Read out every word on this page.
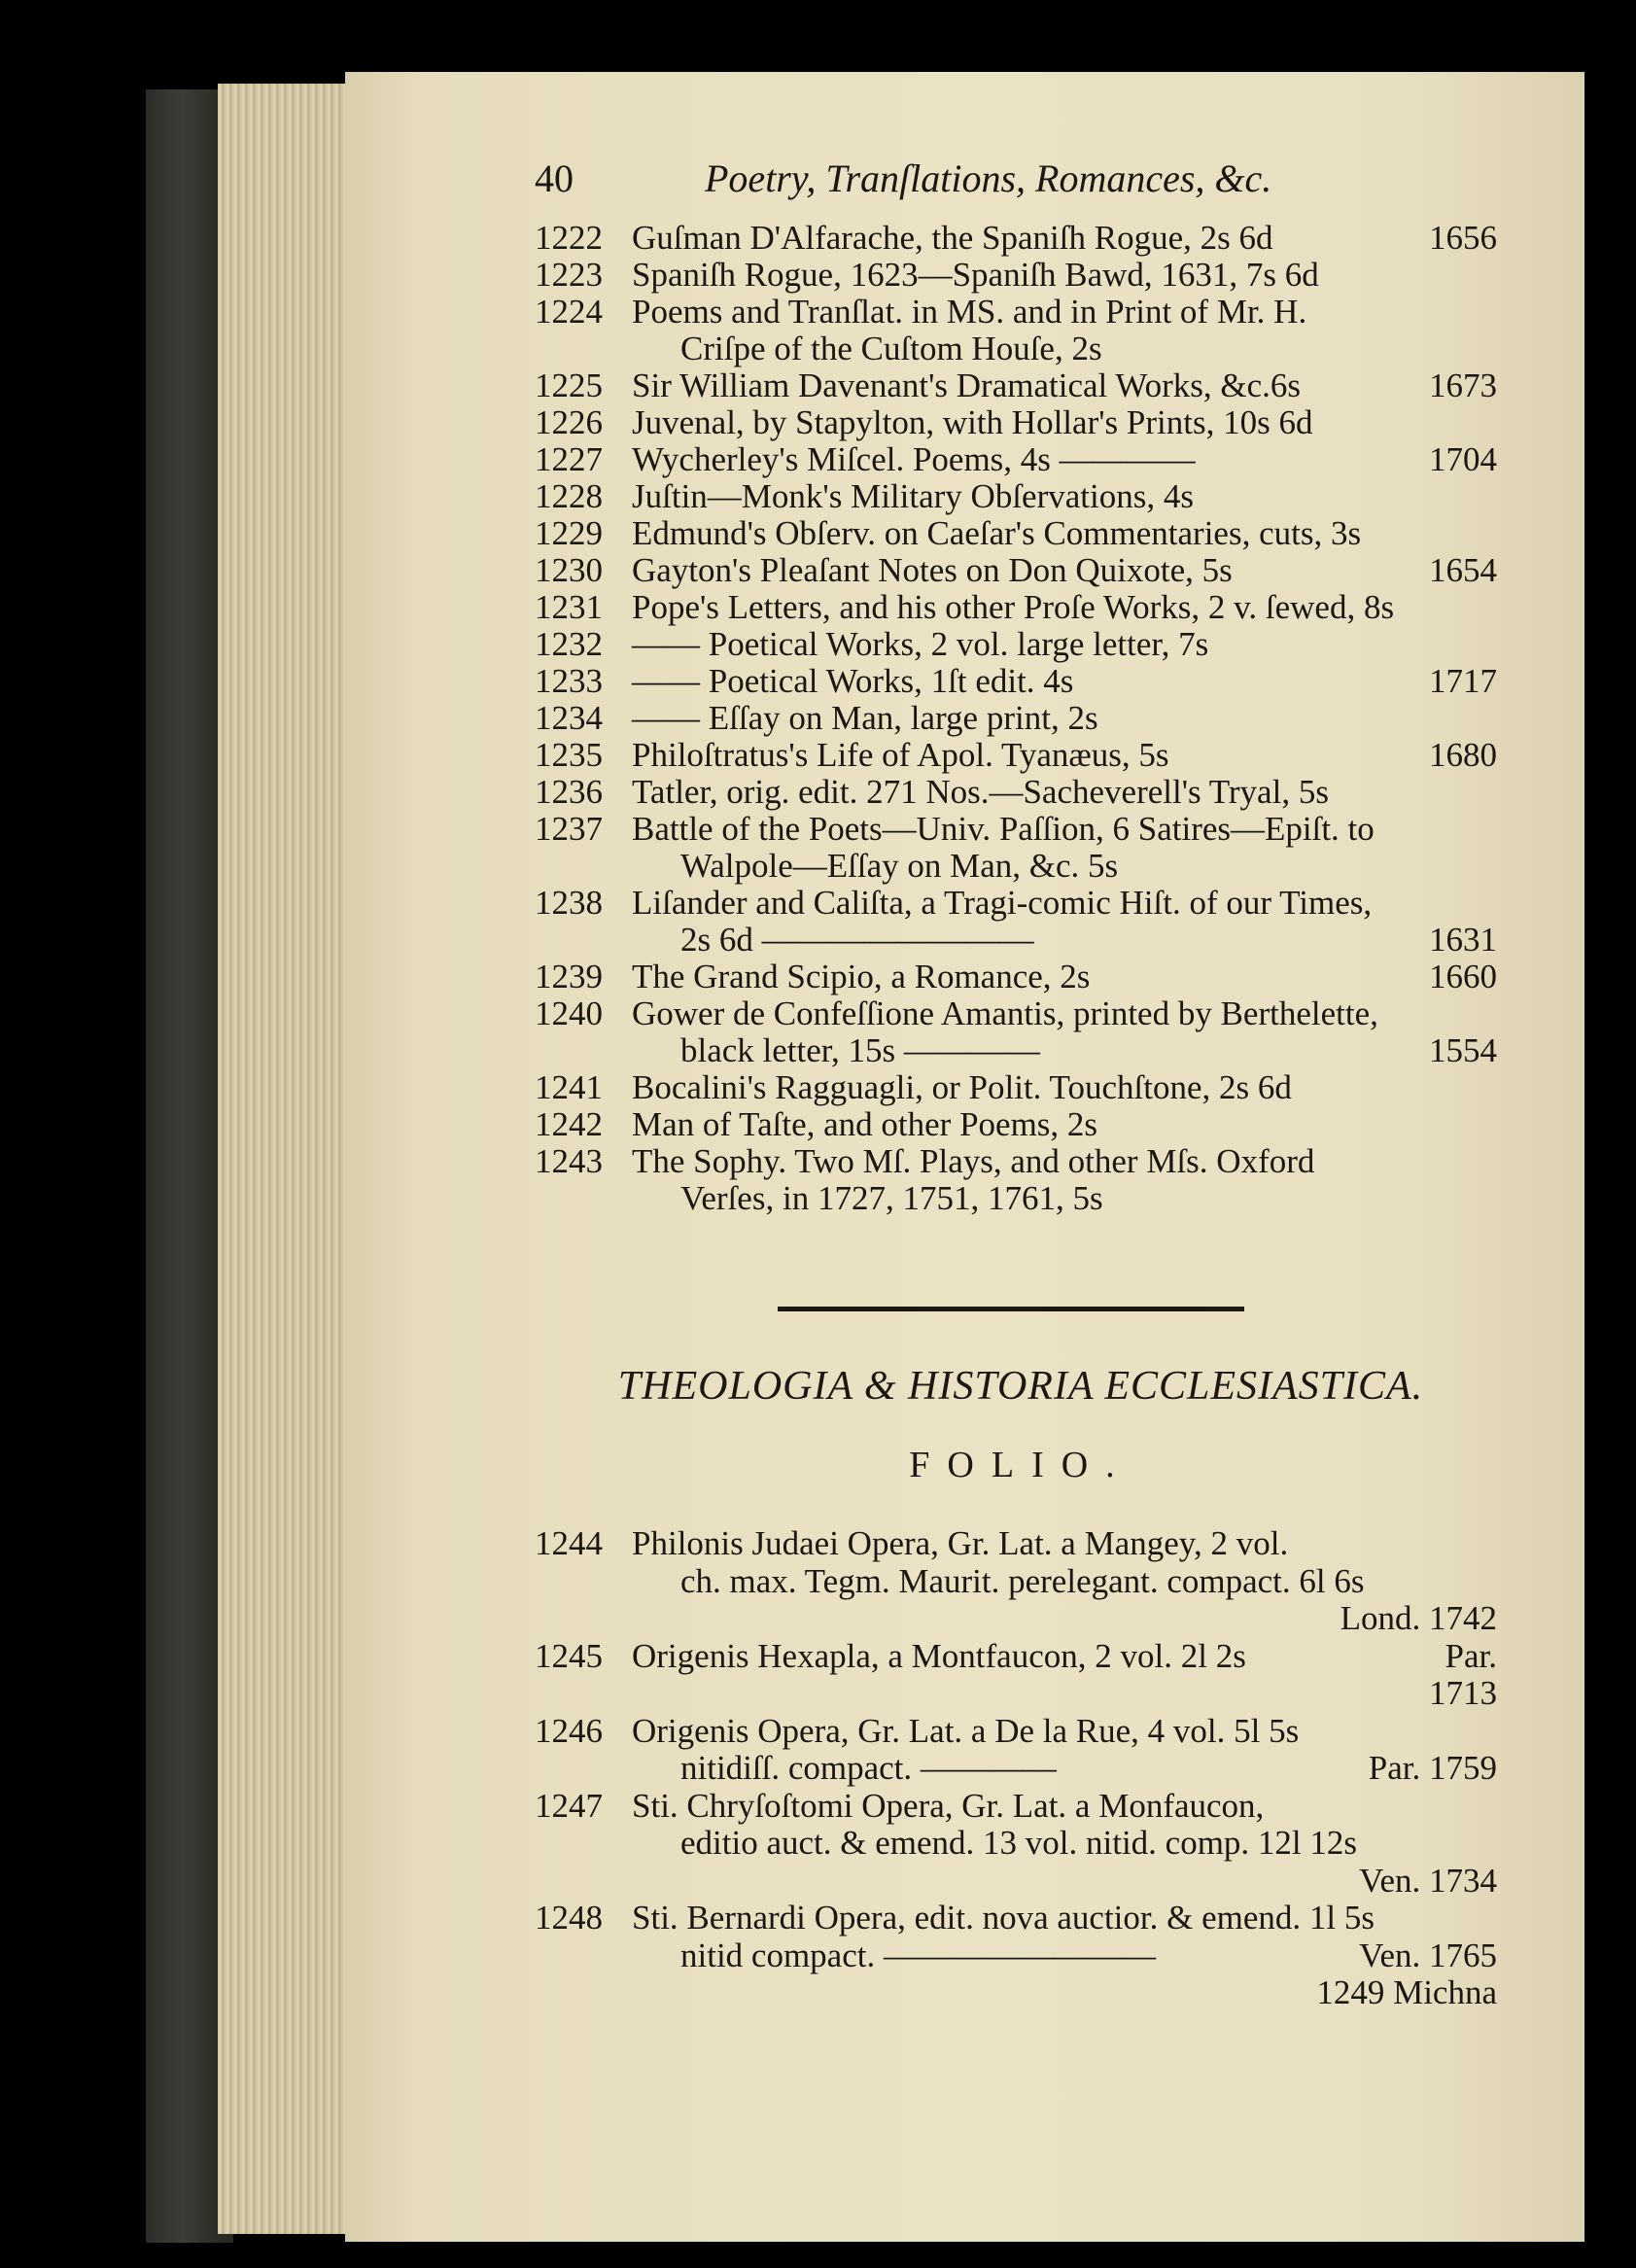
40	Poetry, Tranſlations, Romances, &c.
1222 Guſman D'Alfarache, the Spaniſh Rogue, 2s 6d	1656
1223 Spaniſh Rogue, 1623—Spaniſh Bawd, 1631, 7s 6d
1224 Poems and Tranſlat. in MS. and in Print of Mr. H.
Criſpe of the Cuſtom Houſe, 2s
1225 Sir William Davenant's Dramatical Works, &c.6s	1673
1226 Juvenal, by Stapylton, with Hollar's Prints, 10s 6d
1227 Wycherley's Miſcel. Poems, 4s ————	1704
1228 Juſtin—Monk's Military Obſervations, 4s
1229 Edmund's Obſerv. on Caeſar's Commentaries, cuts, 3s
1230 Gayton's Pleaſant Notes on Don Quixote, 5s	1654
1231 Pope's Letters, and his other Proſe Works, 2 v. ſewed, 8s
1232 —— Poetical Works, 2 vol. large letter, 7s
1233 —— Poetical Works, 1ſt edit. 4s	1717
1234 —— Eſſay on Man, large print, 2s
1235 Philoſtratus's Life of Apol. Tyanæus, 5s	1680
1236 Tatler, orig. edit. 271 Nos.—Sacheverell's Tryal, 5s
1237 Battle of the Poets—Univ. Paſſion, 6 Satires—Epiſt. to
Walpole—Eſſay on Man, &c. 5s
1238 Liſander and Caliſta, a Tragi-comic Hiſt. of our Times,
2s 6d ————————	1631
1239 The Grand Scipio, a Romance, 2s	1660
1240 Gower de Confeſſione Amantis, printed by Berthelette,
black letter, 15s ————	1554
1241 Bocalini's Ragguagli, or Polit. Touchſtone, 2s 6d
1242 Man of Taſte, and other Poems, 2s
1243 The Sophy. Two Mſ. Plays, and other Mſs. Oxford
Verſes, in 1727, 1751, 1761, 5s
THEOLOGIA & HISTORIA ECCLESIASTICA.
FOLIO.
1244 Philonis Judaei Opera, Gr. Lat. a Mangey, 2 vol.
ch. max. Tegm. Maurit. perelegant. compact. 6l 6s
Lond. 1742
1245 Origenis Hexapla, a Montfaucon, 2 vol. 2l 2s	Par.
1713
1246 Origenis Opera, Gr. Lat. a De la Rue, 4 vol. 5l 5s
nitidiſſ. compact. ————	Par. 1759
1247 Sti. Chryſoſtomi Opera, Gr. Lat. a Monfaucon,
editio auct. & emend. 13 vol. nitid. comp. 12l 12s
Ven. 1734
1248 Sti. Bernardi Opera, edit. nova auctior. & emend. 1l 5s
nitid compact. ————————	Ven. 1765
1249 Michna
